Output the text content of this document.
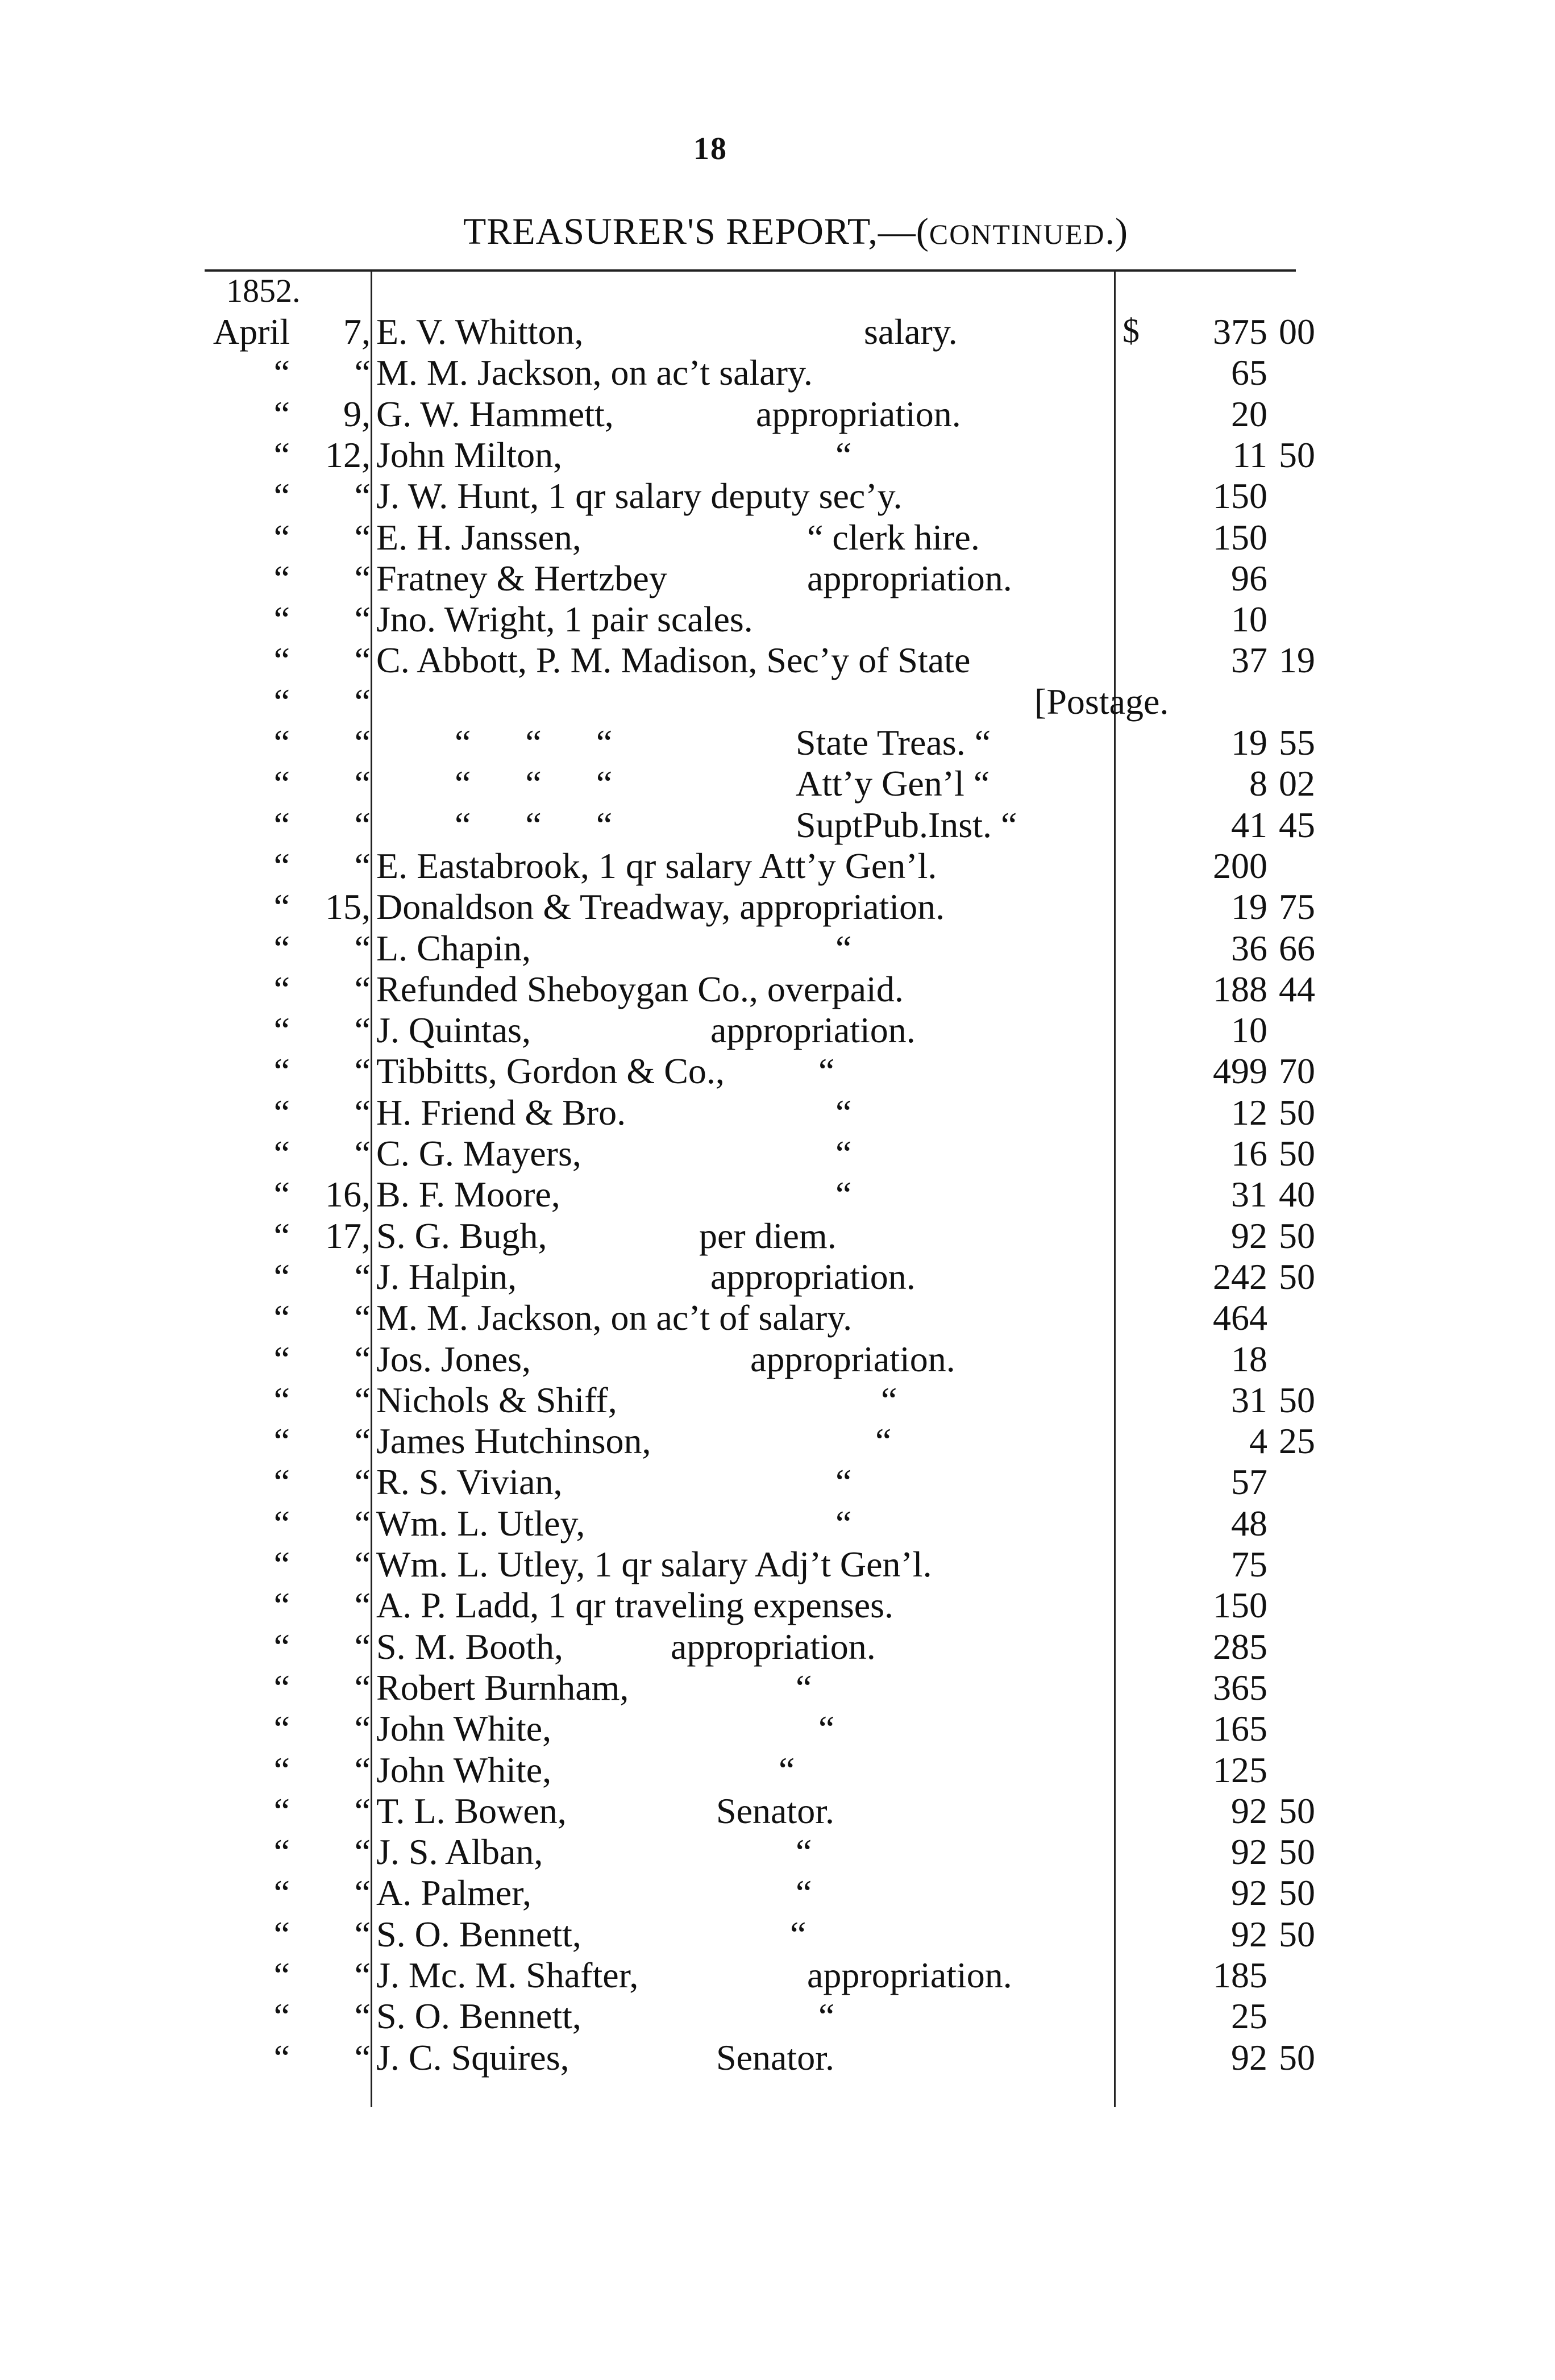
18
TREASURER'S REPORT,—(CONTINUED.)
1852.
$
April	7, E. V. Whitton,	salary.	375 00
“	“ M. M. Jackson, on ac’t salary.	65
“	9, G. W. Hammett,	appropriation.	20
“ 12, John Milton,	“	11 50
“	“ J. W. Hunt, 1 qr salary deputy sec’y.	150
“	“ E. H. Janssen,	“ clerk hire.	150
“	“ Fratney & Hertzbey	appropriation.	96
“	“ Jno. Wright, 1 pair scales.	10
“	“ C. Abbott, P. M. Madison, Sec’y of State	37 19
“	“	[Postage.
“	“ “ “ “	State Treas. “	19 55
“	“ “ “ “	Att’y Gen’l “	8 02
“	“ “ “ “	SuptPub.Inst. “	41 45
“	“ E. Eastabrook, 1 qr salary Att’y Gen’l.	200
“ 15, Donaldson & Treadway, appropriation.	19 75
“	“ L. Chapin,	“	36 66
“	“ Refunded Sheboygan Co., overpaid.	188 44
“	“ J. Quintas,	appropriation.	10
“	“ Tibbitts, Gordon & Co.,	“	499 70
“	“ H. Friend & Bro.	“	12 50
“	“ C. G. Mayers,	“	16 50
“ 16, B. F. Moore,	“	31 40
“ 17, S. G. Bugh,	per diem.	92 50
“	“ J. Halpin,	appropriation.	242 50
“	“ M. M. Jackson, on ac’t of salary.	464
“	“ Jos. Jones,	appropriation.	18
“	“ Nichols & Shiff,	“	31 50
“	“ James Hutchinson,	“	4 25
“	“ R. S. Vivian,	“	57
“	“ Wm. L. Utley,	“	48
“	“ Wm. L. Utley, 1 qr salary Adj’t Gen’l.	75
“	“ A. P. Ladd, 1 qr traveling expenses.	150
“	“ S. M. Booth,	appropriation.	285
“	“ Robert Burnham,	“	365
“	“ John White,	“	165
“	“ John White,	“	125
“	“ T. L. Bowen,	Senator.	92 50
“	“ J. S. Alban,	“	92 50
“	“ A. Palmer,	“	92 50
“	“ S. O. Bennett,	“	92 50
“	“ J. Mc. M. Shafter,	appropriation.	185
“	“ S. O. Bennett,	“	25
“	“ J. C. Squires,	Senator.	92 50
